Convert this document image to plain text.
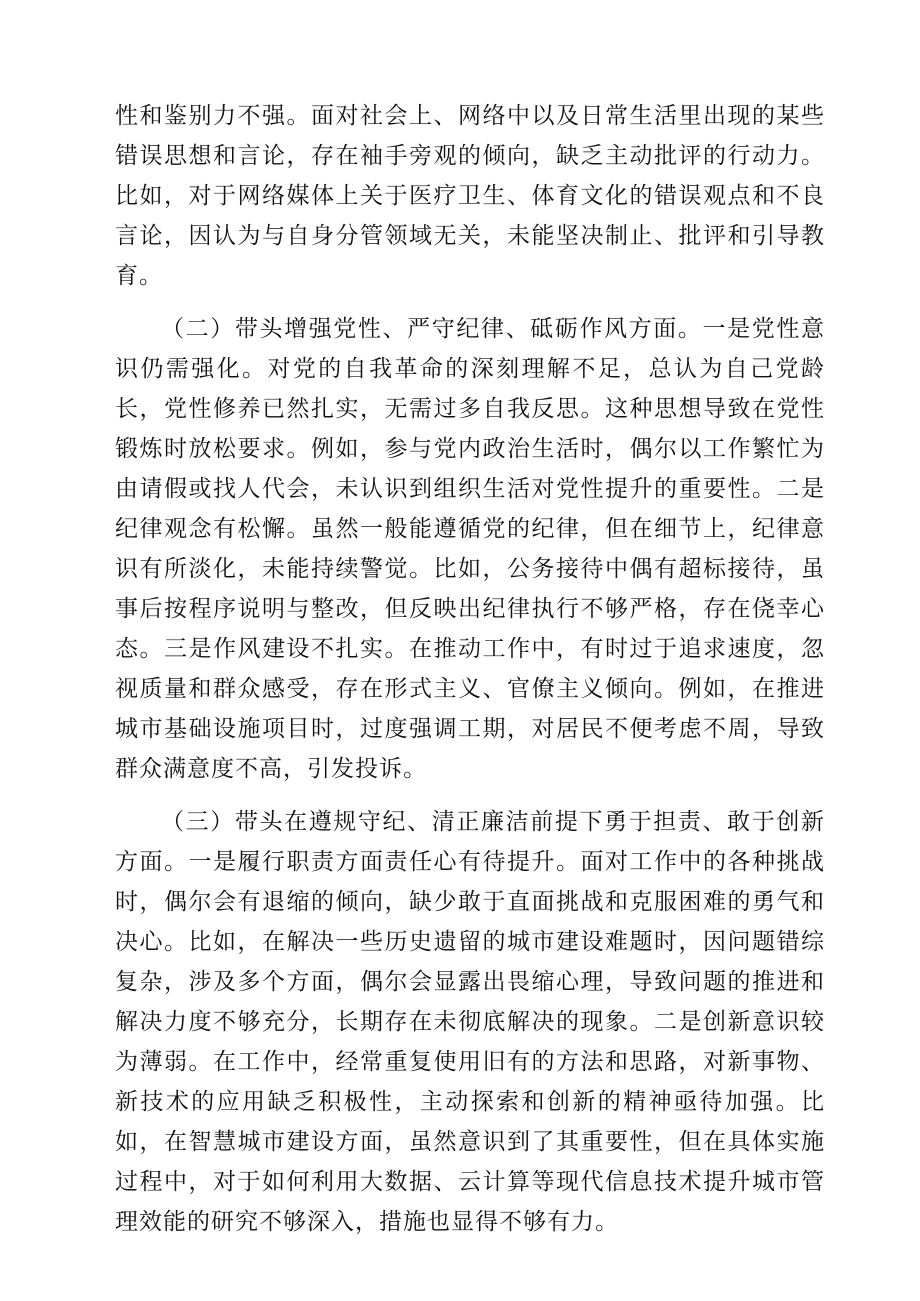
性和鉴别力不强。面对社会上、网络中以及日常生活里出现的某些错误思想和言论，存在袖手旁观的倾向，缺乏主动批评的行动力。比如，对于网络媒体上关于医疗卫生、体育文化的错误观点和不良言论，因认为与自身分管领域无关，未能坚决制止、批评和引导教育。

（二）带头增强党性、严守纪律、砥砺作风方面。一是党性意识仍需强化。对党的自我革命的深刻理解不足，总认为自己党龄长，党性修养已然扎实，无需过多自我反思。这种思想导致在党性锻炼时放松要求。例如，参与党内政治生活时，偶尔以工作繁忙为由请假或找人代会，未认识到组织生活对党性提升的重要性。二是纪律观念有松懈。虽然一般能遵循党的纪律，但在细节上，纪律意识有所淡化，未能持续警觉。比如，公务接待中偶有超标接待，虽事后按程序说明与整改，但反映出纪律执行不够严格，存在侥幸心态。三是作风建设不扎实。在推动工作中，有时过于追求速度，忽视质量和群众感受，存在形式主义、官僚主义倾向。例如，在推进城市基础设施项目时，过度强调工期，对居民不便考虑不周，导致群众满意度不高，引发投诉。

（三）带头在遵规守纪、清正廉洁前提下勇于担责、敢于创新方面。一是履行职责方面责任心有待提升。面对工作中的各种挑战时，偶尔会有退缩的倾向，缺少敢于直面挑战和克服困难的勇气和决心。比如，在解决一些历史遗留的城市建设难题时，因问题错综复杂，涉及多个方面，偶尔会显露出畏缩心理，导致问题的推进和解决力度不够充分，长期存在未彻底解决的现象。二是创新意识较为薄弱。在工作中，经常重复使用旧有的方法和思路，对新事物、新技术的应用缺乏积极性，主动探索和创新的精神亟待加强。比如，在智慧城市建设方面，虽然意识到了其重要性，但在具体实施过程中，对于如何利用大数据、云计算等现代信息技术提升城市管理效能的研究不够深入，措施也显得不够有力。
